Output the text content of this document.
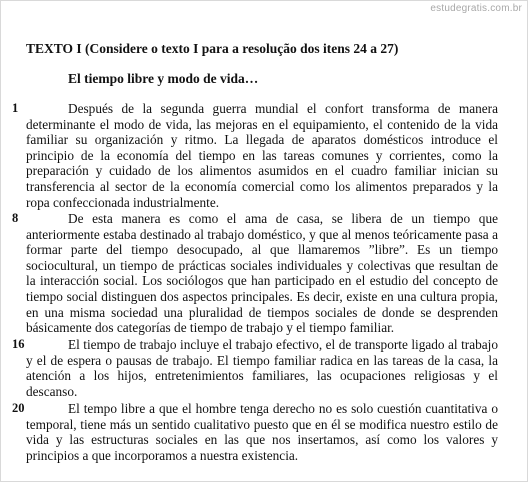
estudegratis.com.br
TEXTO I (Considere o texto I para a resolução dos itens 24 a 27)
El tiempo libre y modo de vida…
1	Después de la segunda guerra mundial el confort transforma de manera determinante el modo de vida, las mejoras en el equipamiento, el contenido de la vida familiar su organización y ritmo. La llegada de aparatos domésticos introduce el principio de la economía del tiempo en las tareas comunes y corrientes, como la preparación y cuidado de los alimentos asumidos en el cuadro familiar inician su transferencia al sector de la economía comercial como los alimentos preparados y la ropa confeccionada industrialmente.

8	De esta manera es como el ama de casa, se libera de un tiempo que anteriormente estaba destinado al trabajo doméstico, y que al menos teóricamente pasa a formar parte del tiempo desocupado, al que llamaremos ”libre”. Es un tiempo sociocultural, un tiempo de prácticas sociales individuales y colectivas que resultan de la interacción social. Los sociólogos que han participado en el estudio del concepto de tiempo social distinguen dos aspectos principales. Es decir, existe en una cultura propia, en una misma sociedad una pluralidad de tiempos sociales de donde se desprenden básicamente dos categorías de tiempo de trabajo y el tiempo familiar.

16	El tiempo de trabajo incluye el trabajo efectivo, el de transporte ligado al trabajo y el de espera o pausas de trabajo. El tiempo familiar radica en las tareas de la casa, la atención a los hijos, entretenimientos familiares, las ocupaciones religiosas y el descanso.

20	El tempo libre a que el hombre tenga derecho no es solo cuestión cuantitativa o temporal, tiene más un sentido cualitativo puesto que en él se modifica nuestro estilo de vida y las estructuras sociales en las que nos insertamos, así como los valores y principios a que incorporamos a nuestra existencia.
